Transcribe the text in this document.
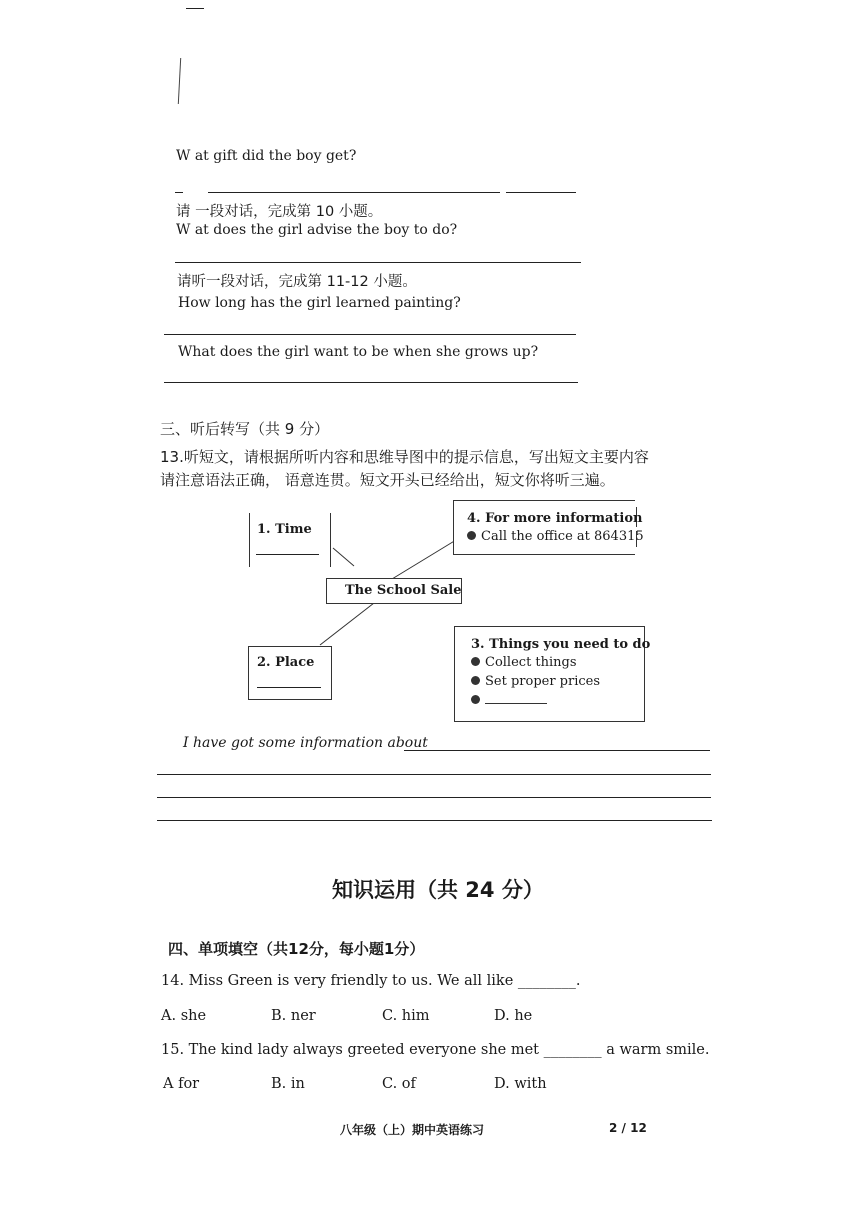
W at gift did the boy get?
请 一段对话，完成第 10 小题。
W at does the girl advise the boy to do?
请听一段对话，完成第 11-12 小题。
How long has the girl learned painting?
What does the girl want to be when she grows up?
三、听后转写（共 9 分）
13.听短文，请根据所听内容和思维导图中的提示信息，写出短文主要内容
请注意语法正确， 语意连贯。短文开头已经给出，短文你将听三遍。
1. Time
4. For more information
Call the office at 864315
The School Sale
2. Place
3. Things you need to do
Collect things
Set proper prices
I have got some information about
知识运用（共 24 分）
四、单项填空（共12分，每小题1分）
14. Miss Green is very friendly to us. We all like ________.
A. she	B. ner	C. him	D. he
15. The kind lady always greeted everyone she met ________ a warm smile.
A for	B. in	C. of	D. with
八年级（上）期中英语练习	2 / 12
